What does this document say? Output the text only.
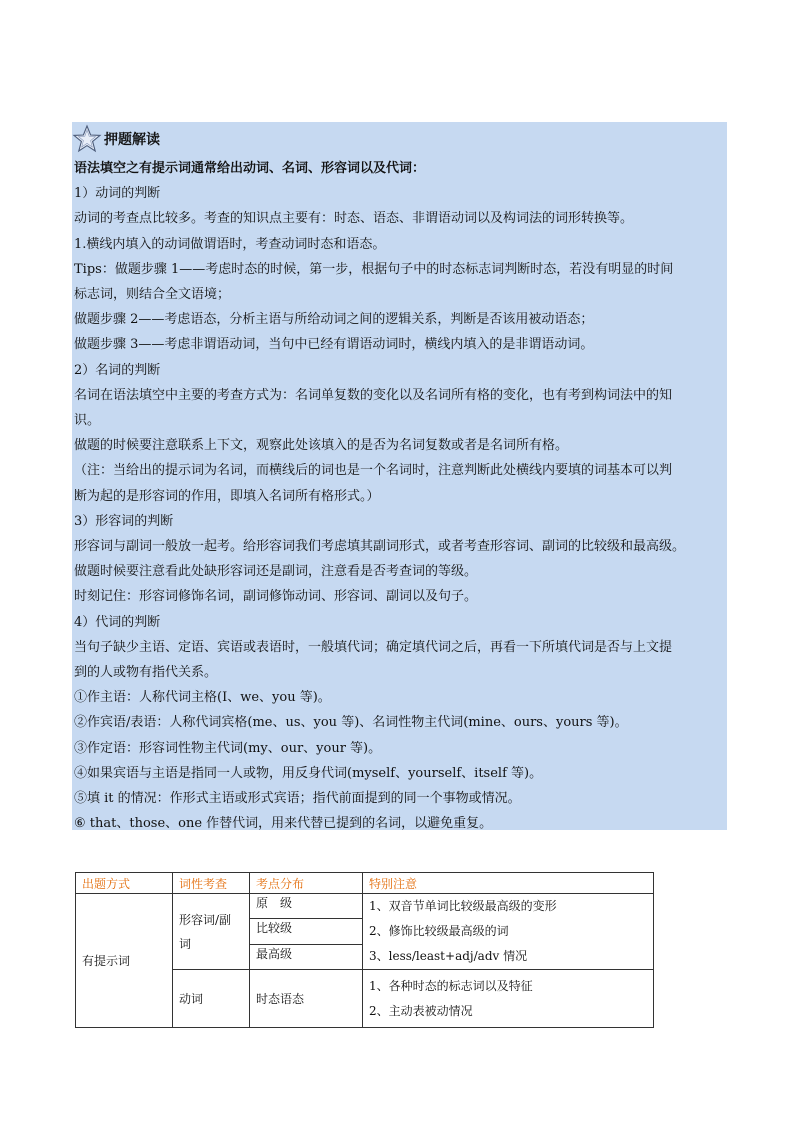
押题解读
语法填空之有提示词通常给出动词、名词、形容词以及代词：
1）动词的判断
动词的考查点比较多。考查的知识点主要有：时态、语态、非谓语动词以及构词法的词形转换等。
1.横线内填入的动词做谓语时，考查动词时态和语态。
Tips：做题步骤 1——考虑时态的时候，第一步，根据句子中的时态标志词判断时态，若没有明显的时间
标志词，则结合全文语境；
做题步骤 2——考虑语态，分析主语与所给动词之间的逻辑关系，判断是否该用被动语态；
做题步骤 3——考虑非谓语动词，当句中已经有谓语动词时，横线内填入的是非谓语动词。
2）名词的判断
名词在语法填空中主要的考查方式为：名词单复数的变化以及名词所有格的变化，也有考到构词法中的知
识。
做题的时候要注意联系上下文，观察此处该填入的是否为名词复数或者是名词所有格。
（注：当给出的提示词为名词，而横线后的词也是一个名词时，注意判断此处横线内要填的词基本可以判
断为起的是形容词的作用，即填入名词所有格形式。）
3）形容词的判断
形容词与副词一般放一起考。给形容词我们考虑填其副词形式，或者考查形容词、副词的比较级和最高级。
做题时候要注意看此处缺形容词还是副词，注意看是否考查词的等级。
时刻记住：形容词修饰名词，副词修饰动词、形容词、副词以及句子。
4）代词的判断
当句子缺少主语、定语、宾语或表语时，一般填代词；确定填代词之后，再看一下所填代词是否与上文提
到的人或物有指代关系。
①作主语：人称代词主格(I、we、you 等)。
②作宾语/表语：人称代词宾格(me、us、you 等)、名词性物主代词(mine、ours、yours 等)。
③作定语：形容词性物主代词(my、our、your 等)。
④如果宾语与主语是指同一人或物，用反身代词(myself、yourself、itself 等)。
⑤填 it 的情况：作形式主语或形式宾语；指代前面提到的同一个事物或情况。
⑥ that、those、one 作替代词，用来代替已提到的名词，以避免重复。
出题方式	词性考查	考点分布	特别注意
有提示词	形容词/副词	原　级	1、双音节单词比较级最高级的变形
2、修饰比较级最高级的词
3、less/least+adj/adv 情况

		比较级	
		最高级	
	动词	时态语态	1、各种时态的标志词以及特征
2、主动表被动情况
